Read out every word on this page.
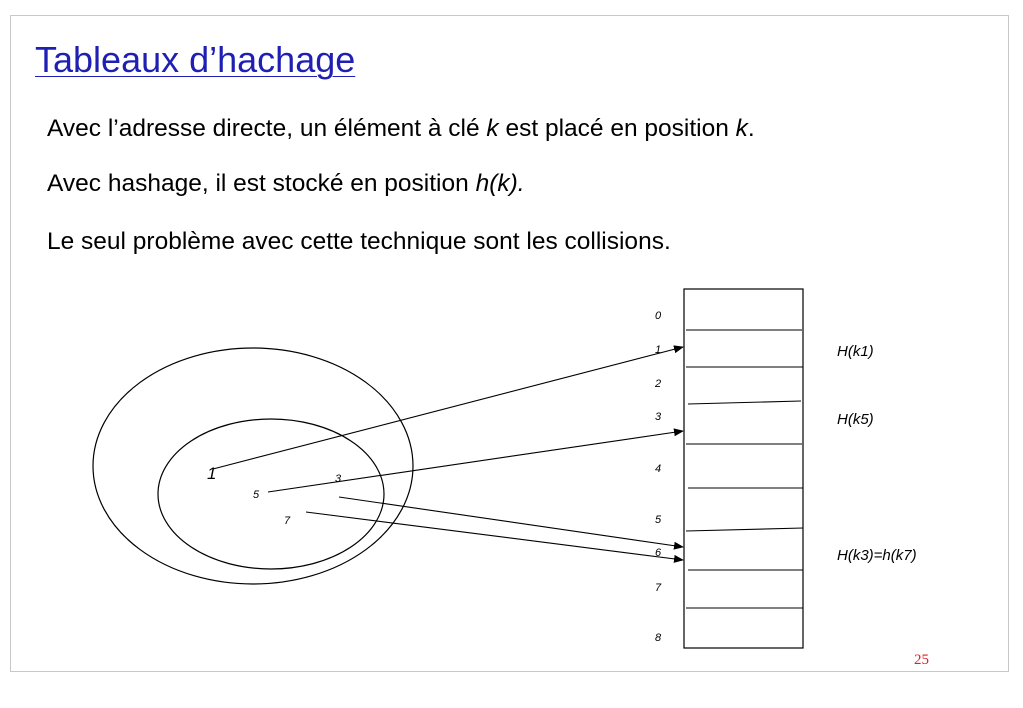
Tableaux d’hachage
Avec l’adresse directe, un élément à clé k est placé en position k.
Avec hashage, il est stocké en position h(k).
Le seul problème avec cette technique sont les collisions.
1
5
3
7
0
1
2
3
4
5
6
7
8
H(k1)
H(k5)
H(k3)=h(k7)
25
